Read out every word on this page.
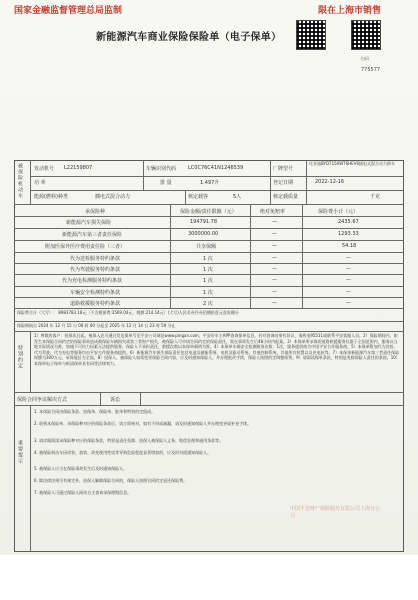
国家金融监督管理总局监制	限在上海市销售
新能源汽车商业保险保险单（电子保单）
扫码
775577
被保险机动车 发动机号 L22159807	车辆识别代码 LC0C76C41N1246539	厂牌型号
比亚迪BYD7150WT6HEV6插电式混合动力轿车
功 率	排 量	1.497升	登记日期	2022-12-16
能源(燃料)种类	插电式混合动力	核定载客	5人	核定载质量	千克
承保险种	保险金额/责任限额（元）	绝对免赔率	保险费小计（元）
新能源汽车损失保险	194791.78	—	2435.67
新能源汽车第三者责任保险	3000000.00	—	1293.33
附加医保外医疗费用责任险（三者）	共享保额	—	54.18
代为送检服务特约条款	1 次	—	—
代为驾驶服务特约条款	1 次	—	—
代为充电检测服务特约条款	1 次	—	—
车辆安全检测特约条款	1 次	—	—
道路救援服务特约条款	2 次	—	—
保险费合计（大写）： 8983783.18元（不含税保费:3569.04元，税额:214.14元）(大写)人民币叁仟叁佰捌拾壹元壹角捌分
保险期间自 2024 年 12 月 15 日 00 时 00 分起至 2025 年 12 月 14 日 23 时 59 分止
特别约定
1）尊敬的客户：投保次日起，被保人也可通过发送保单号至平安公司网址www.pingan.com、平安好车主APP查询保单信息，若对查询结果有异议，请致电95511或联系平安客服人员。2）保险期间内，如发生本保险合同约定的保险事故造成被保险车辆损失或第三者财产损失，被保险人可申请合同约定的保险责任，需在事故发生后48小时内报案。3）本保单所承保的道路救援服务仅限于全国范围内，服务以当地实际情况为准，如遇不可抗力因素无法提供服务，保险人不承担责任，救援次数以本保单载明为准。4）本保单车辆安全检测服务次数：1次，服务提供商为中国平安合作服务商。5）本保单附加代为送检、代为驾驶、代为充电等服务均由平安合作服务商提供。6）新能源汽车损失保险责任包括电池及储能系统、电机及驱动系统、其他控制系统、其他所有装置以及充电桩等。7）本保单新能源汽车第三者责任保险保额为300万元，承保地区为全国。8）投保人、被保险人如需变更保险合同内容，应及时通知保险人，并办理批改手续，保险人按照约定调整保费。9）请阅读保单条款，特别是免除保险人责任的条款。10）本保单电子保单与纸质保单具有同等法律效力。
保险合同争议解决方式	诉讼
重要提示
1. 本保险合同由保险条款、投保单、保险单、批单和特别约定组成。
2. 收到本保险单、承保险种对应的保险条款后，请立即核对，如有不符或疏漏，请及时通知保险人并办理变更或补充手续。
3. 请详细阅读承保险种对应的保险条款，特别是责任免除、投保人被保险人义务、赔偿处理和通用条款等。
4. 被保险机动车因改装、加装、改变使用性质等导致危险程度显著增加的，应及时书面通知保险人。
5. 被保险人应当在保险事故发生后及时通知保险人。
6. 除法律法规另有规定外，投保人解除保险合同的，保险人按照合同约定退还保险费。
7. 被保险人可通过保险人网站自主查询承保理赔信息。
中国平安财产保险股份有限公司上海分公司
